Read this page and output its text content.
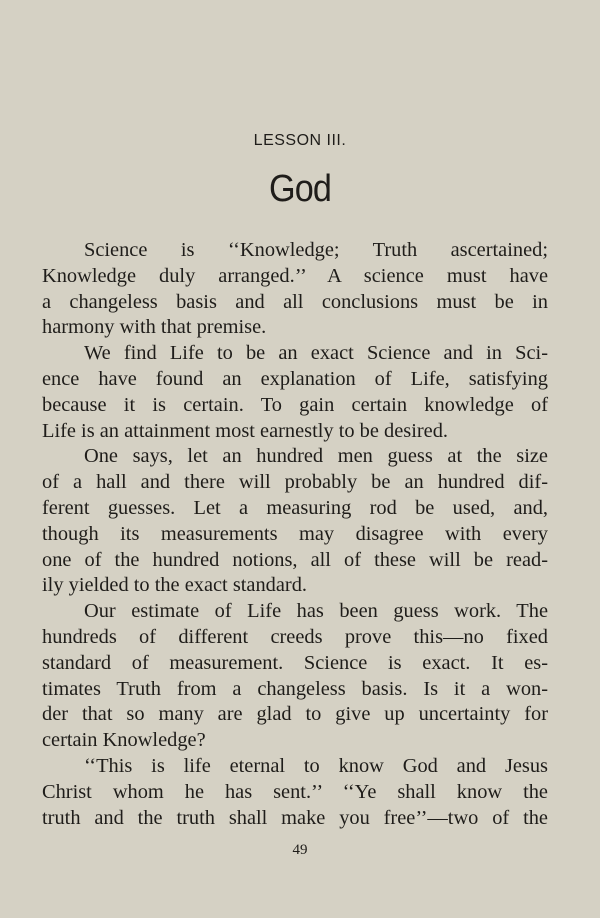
LESSON III.
God
Science is ‘‘Knowledge; Truth ascertained;
Knowledge duly arranged.’’ A science must have
a changeless basis and all conclusions must be in
harmony with that premise.
We find Life to be an exact Science and in Sci-
ence have found an explanation of Life, satisfying
because it is certain. To gain certain knowledge of
Life is an attainment most earnestly to be desired.
One says, let an hundred men guess at the size
of a hall and there will probably be an hundred dif-
ferent guesses. Let a measuring rod be used, and,
though its measurements may disagree with every
one of the hundred notions, all of these will be read-
ily yielded to the exact standard.
Our estimate of Life has been guess work. The
hundreds of different creeds prove this—no fixed
standard of measurement. Science is exact. It es-
timates Truth from a changeless basis. Is it a won-
der that so many are glad to give up uncertainty for
certain Knowledge?
‘‘This is life eternal to know God and Jesus
Christ whom he has sent.’’ ‘‘Ye shall know the
truth and the truth shall make you free’’—two of the
49
